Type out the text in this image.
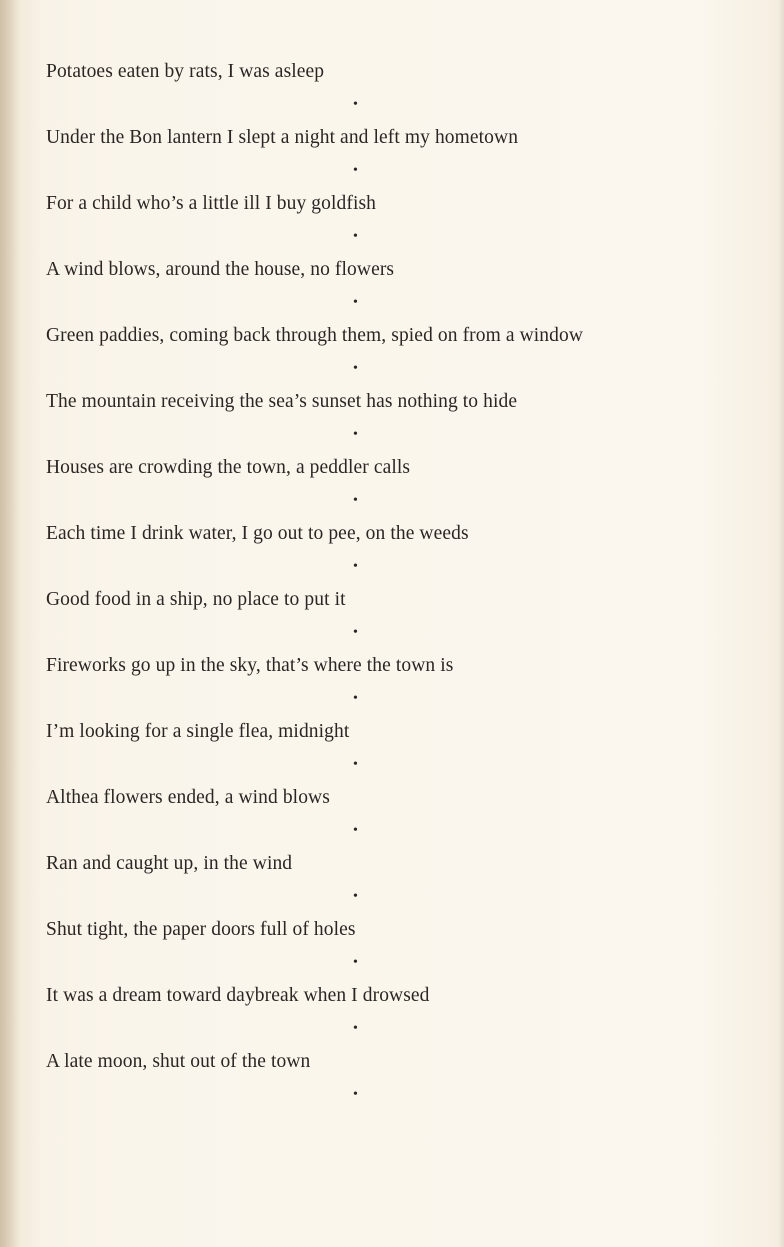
Potatoes eaten by rats, I was asleep

•

Under the Bon lantern I slept a night and left my hometown

•

For a child who’s a little ill I buy goldfish

•

A wind blows, around the house, no flowers

•

Green paddies, coming back through them, spied on from a window

•

The mountain receiving the sea’s sunset has nothing to hide

•

Houses are crowding the town, a peddler calls

•

Each time I drink water, I go out to pee, on the weeds

•

Good food in a ship, no place to put it

•

Fireworks go up in the sky, that’s where the town is

•

I’m looking for a single flea, midnight

•

Althea flowers ended, a wind blows

•

Ran and caught up, in the wind

•

Shut tight, the paper doors full of holes

•

It was a dream toward daybreak when I drowsed

•

A late moon, shut out of the town

•
